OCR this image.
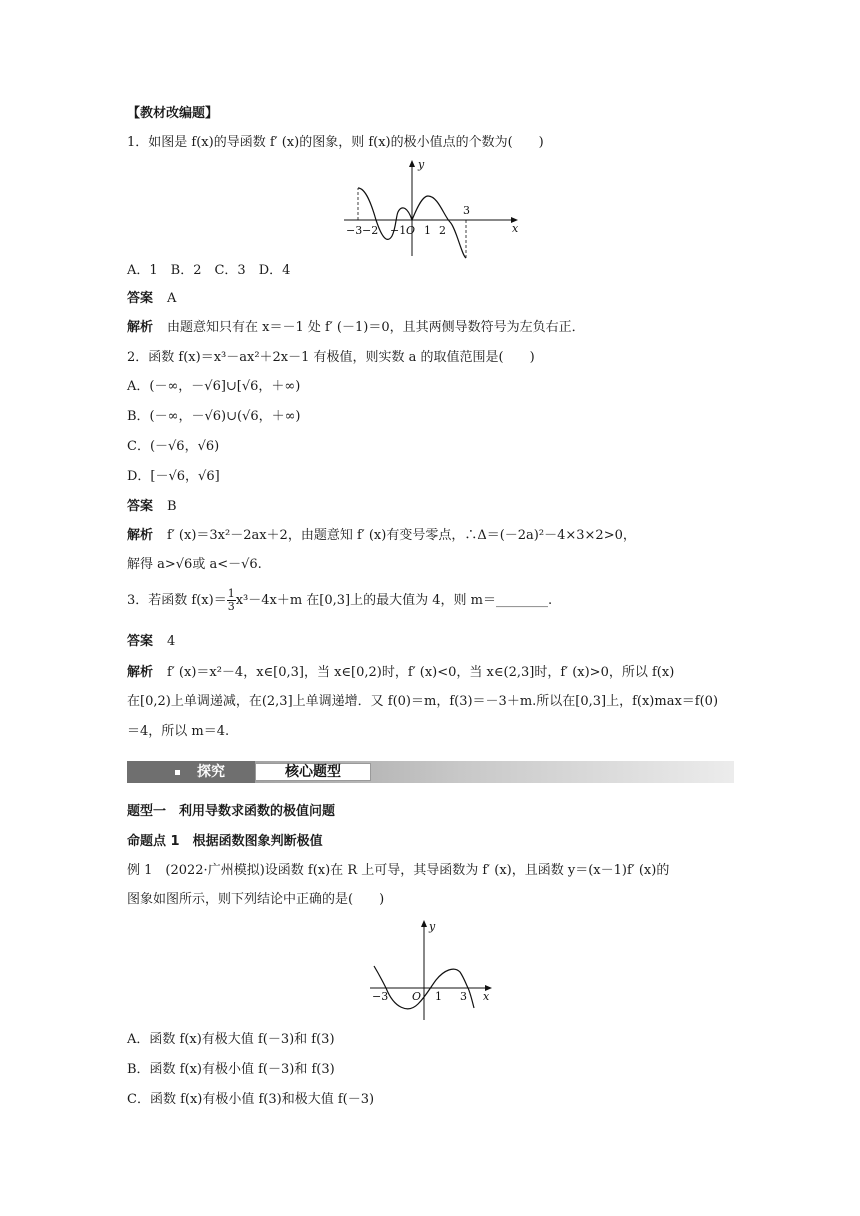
【教材改编题】
1．如图是 f(x)的导函数 f′ (x)的图象，则 f(x)的极小值点的个数为(　　)
y
x
−3 −2 −1 O 1 2
3
A．1　B．2　C．3　D．4
答案 A
解析 由题意知只有在 x＝－1 处 f′ (－1)＝0，且其两侧导数符号为左负右正．
2．函数 f(x)＝x³－ax²＋2x－1 有极值，则实数 a 的取值范围是(　　)
A．(－∞，－√6]∪[√6，＋∞)
B．(－∞，－√6)∪(√6，＋∞)
C．(－√6，√6)
D．[－√6，√6]
答案 B
解析 f′ (x)＝3x²－2ax＋2，由题意知 f′ (x)有变号零点，∴Δ＝(－2a)²－4×3×2>0，
解得 a>√6或 a<－√6.
3．若函数 $f(x)= \frac{1}{3} x^3-4x+m$ 在[0,3]上的最大值为 4，则 m＝________.
答案 4
解析 f′ (x)＝x²－4，x∈[0,3]，当 x∈[0,2)时，f′ (x)<0，当 x∈(2,3]时，f′ (x)>0，所以 f(x)
在[0,2)上单调递减，在(2,3]上单调递增．又 f(0)＝m，f(3)＝－3＋m.所以在[0,3]上，f(x)max＝f(0)
＝4，所以 m＝4.
探究	核心题型
题型一　利用导数求函数的极值问题
命题点 1　根据函数图象判断极值
例 1　(2022·广州模拟)设函数 f(x)在 R 上可导，其导函数为 f′ (x)，且函数 y＝(x－1)f′ (x)的
图象如图所示，则下列结论中正确的是(　　)
y
x
−3 O 1 3
A．函数 f(x)有极大值 f(－3)和 f(3)
B．函数 f(x)有极小值 f(－3)和 f(3)
C．函数 f(x)有极小值 f(3)和极大值 f(－3)
